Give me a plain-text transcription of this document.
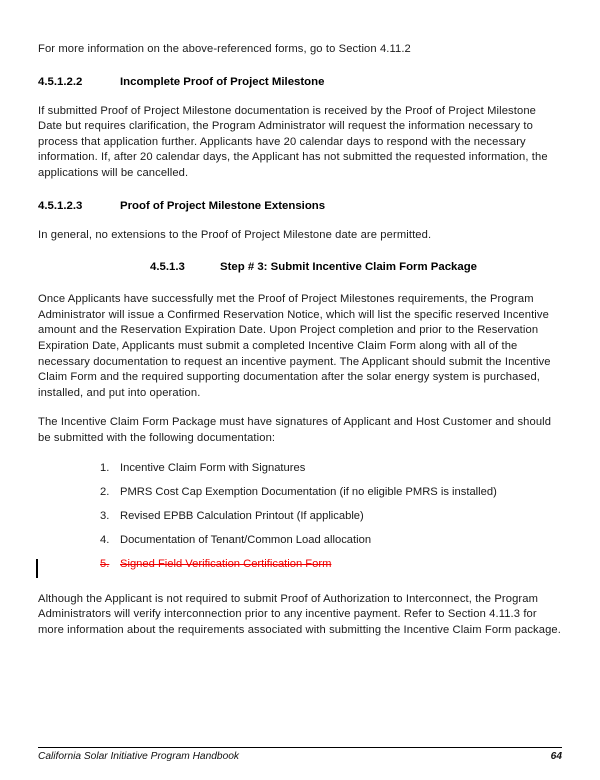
For more information on the above-referenced forms, go to Section 4.11.2

4.5.1.2.2	Incomplete Proof of Project Milestone

If submitted Proof of Project Milestone documentation is received by the Proof of Project Milestone Date but requires clarification, the Program Administrator will request the information necessary to process that application further. Applicants have 20 calendar days to respond with the necessary information. If, after 20 calendar days, the Applicant has not submitted the requested information, the applications will be cancelled.

4.5.1.2.3	Proof of Project Milestone Extensions

In general, no extensions to the Proof of Project Milestone date are permitted.

4.5.1.3	Step # 3: Submit Incentive Claim Form Package

Once Applicants have successfully met the Proof of Project Milestones requirements, the Program Administrator will issue a Confirmed Reservation Notice, which will list the specific reserved Incentive amount and the Reservation Expiration Date. Upon Project completion and prior to the Reservation Expiration Date, Applicants must submit a completed Incentive Claim Form along with all of the necessary documentation to request an incentive payment. The Applicant should submit the Incentive Claim Form and the required supporting documentation after the solar energy system is purchased, installed, and put into operation.

The Incentive Claim Form Package must have signatures of Applicant and Host Customer and should be submitted with the following documentation:

1. Incentive Claim Form with Signatures
2. PMRS Cost Cap Exemption Documentation (if no eligible PMRS is installed)
3. Revised EPBB Calculation Printout (If applicable)
4. Documentation of Tenant/Common Load allocation
5. Signed Field Verification Certification Form

Although the Applicant is not required to submit Proof of Authorization to Interconnect, the Program Administrators will verify interconnection prior to any incentive payment. Refer to Section 4.11.3 for more information about the requirements associated with submitting the Incentive Claim Form package.

California Solar Initiative Program Handbook	64
